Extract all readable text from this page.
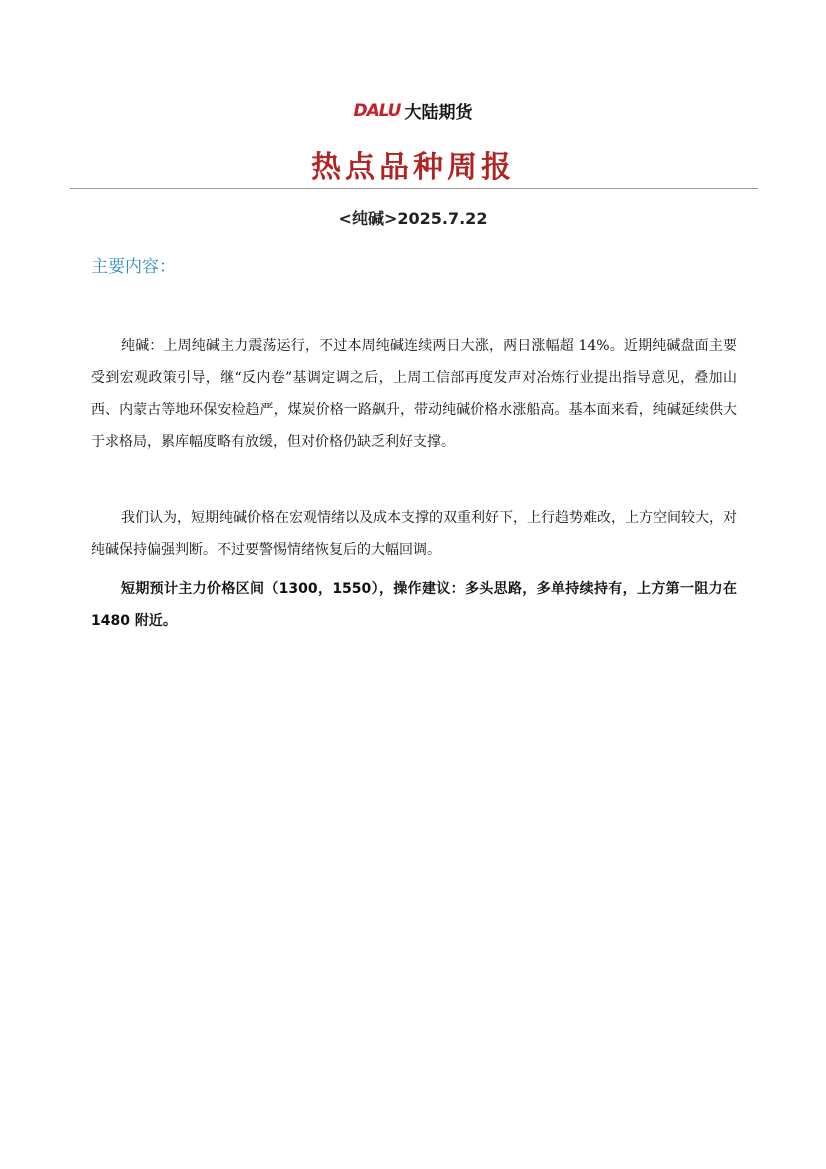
DALU 大陆期货
热点品种周报
<纯碱>2025.7.22
主要内容：

纯碱：上周纯碱主力震荡运行，不过本周纯碱连续两日大涨，两日涨幅超 14%。近期纯碱盘面主要受到宏观政策引导，继“反内卷”基调定调之后，上周工信部再度发声对冶炼行业提出指导意见，叠加山西、内蒙古等地环保安检趋严，煤炭价格一路飙升，带动纯碱价格水涨船高。基本面来看，纯碱延续供大于求格局，累库幅度略有放缓，但对价格仍缺乏利好支撑。

我们认为，短期纯碱价格在宏观情绪以及成本支撑的双重利好下，上行趋势难改，上方空间较大，对纯碱保持偏强判断。不过要警惕情绪恢复后的大幅回调。

短期预计主力价格区间（1300，1550），操作建议：多头思路，多单持续持有，上方第一阻力在 1480 附近。
